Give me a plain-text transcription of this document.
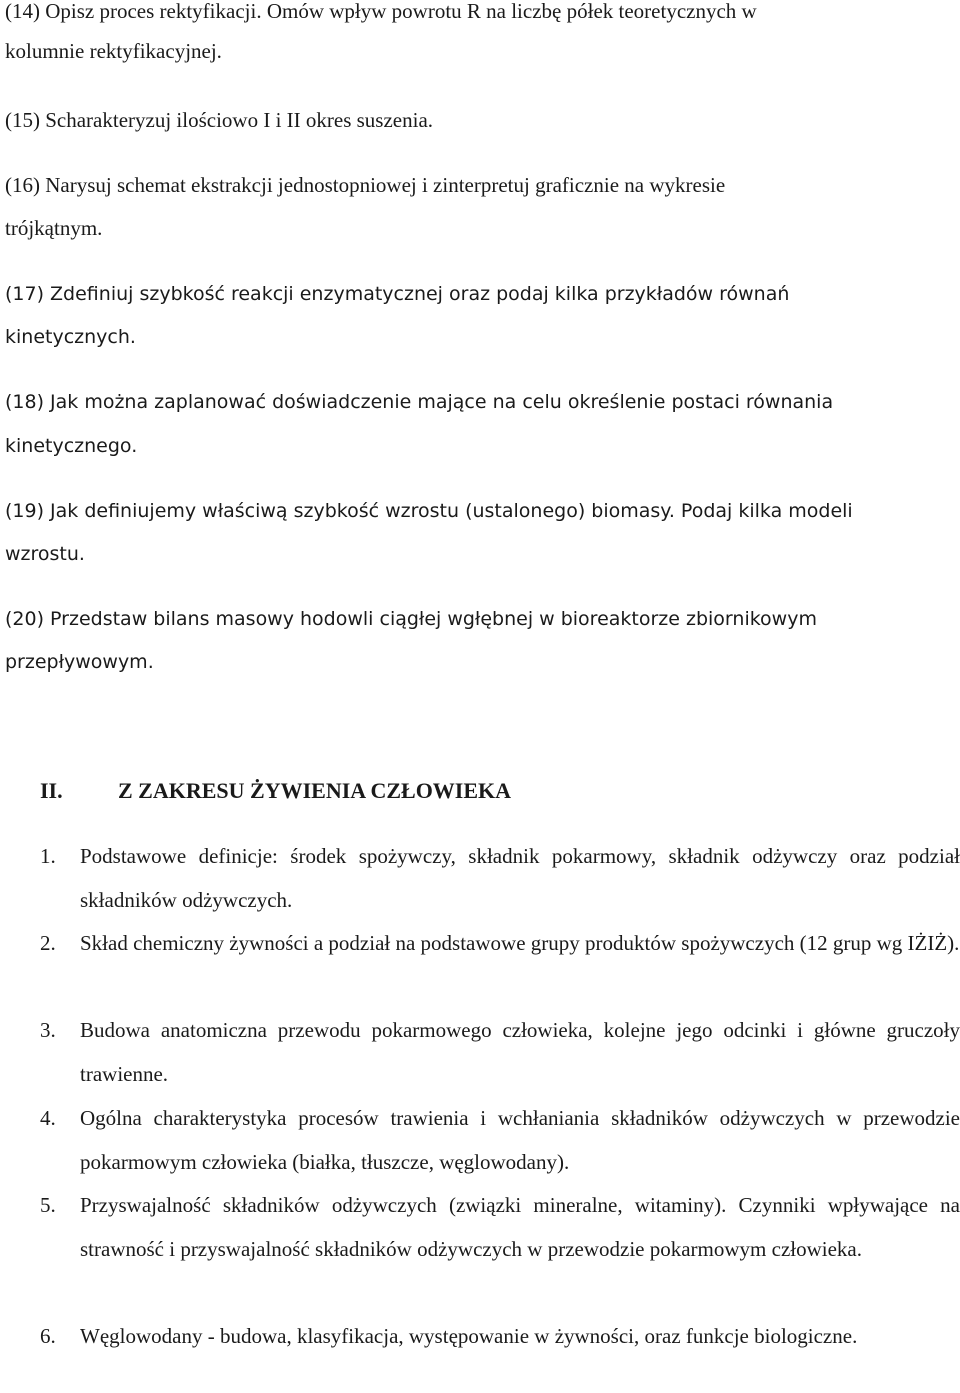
(14) Opisz proces rektyfikacji. Omów wpływ powrotu R na liczbę półek teoretycznych w

kolumnie rektyfikacyjnej.

(15) Scharakteryzuj ilościowo I i II okres suszenia.

(16) Narysuj schemat ekstrakcji jednostopniowej i zinterpretuj graficznie na wykresie

trójkątnym.

(17) Zdefiniuj szybkość reakcji enzymatycznej oraz podaj kilka przykładów równań

kinetycznych.

(18) Jak można zaplanować doświadczenie mające na celu określenie postaci równania

kinetycznego.

(19) Jak definiujemy właściwą szybkość wzrostu (ustalonego) biomasy. Podaj kilka modeli

wzrostu.

(20) Przedstaw bilans masowy hodowli ciągłej wgłębnej w bioreaktorze zbiornikowym

przepływowym.

II.	Z ZAKRESU ŻYWIENIA CZŁOWIEKA
1. Podstawowe definicje: środek spożywczy, składnik pokarmowy, składnik odżywczy oraz podział składników odżywczych.
2. Skład chemiczny żywności a podział na podstawowe grupy produktów spożywczych (12 grup wg IŻIŻ).
3. Budowa anatomiczna przewodu pokarmowego człowieka, kolejne jego odcinki i główne gruczoły trawienne.
4. Ogólna charakterystyka procesów trawienia i wchłaniania składników odżywczych w przewodzie pokarmowym człowieka (białka, tłuszcze, węglowodany).
5. Przyswajalność składników odżywczych (związki mineralne, witaminy). Czynniki wpływające na strawność i przyswajalność składników odżywczych w przewodzie pokarmowym człowieka.
6. Węglowodany - budowa, klasyfikacja, występowanie w żywności, oraz funkcje biologiczne.
